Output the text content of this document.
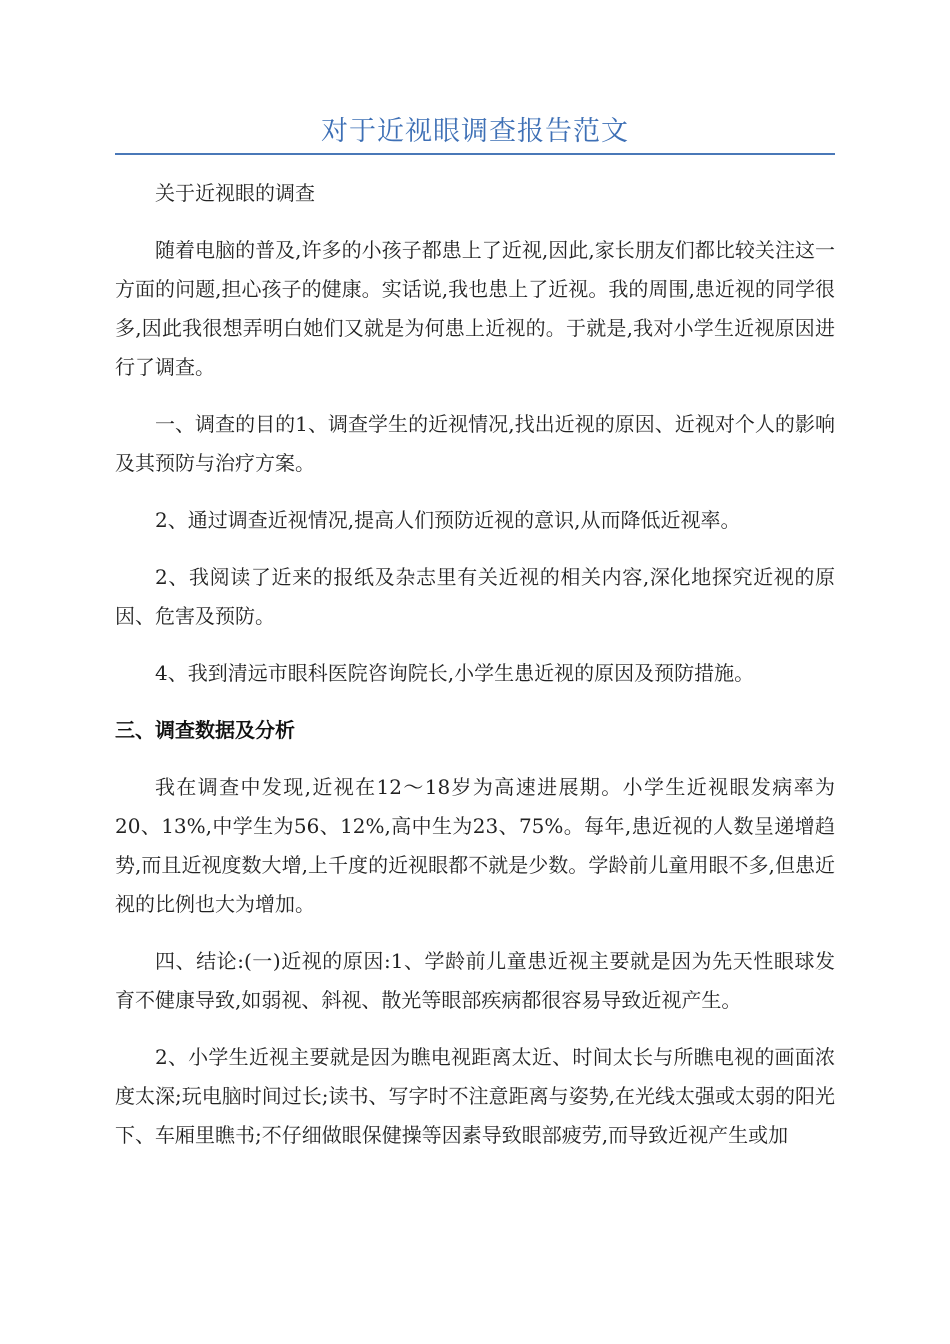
对于近视眼调查报告范文

关于近视眼的调查

随着电脑的普及,许多的小孩子都患上了近视,因此,家长朋友们都比较关注这一方面的问题,担心孩子的健康。实话说,我也患上了近视。我的周围,患近视的同学很多,因此我很想弄明白她们又就是为何患上近视的。于就是,我对小学生近视原因进行了调查。

一、调查的目的1、调查学生的近视情况,找出近视的原因、近视对个人的影响及其预防与治疗方案。

2、通过调查近视情况,提高人们预防近视的意识,从而降低近视率。

2、我阅读了近来的报纸及杂志里有关近视的相关内容,深化地探究近视的原因、危害及预防。

4、我到清远市眼科医院咨询院长,小学生患近视的原因及预防措施。

三、调查数据及分析

我在调查中发现,近视在12～18岁为高速进展期。小学生近视眼发病率为20、13%,中学生为56、12%,高中生为23、75%。每年,患近视的人数呈递增趋势,而且近视度数大增,上千度的近视眼都不就是少数。学龄前儿童用眼不多,但患近视的比例也大为增加。

四、结论:(一)近视的原因:1、学龄前儿童患近视主要就是因为先天性眼球发育不健康导致,如弱视、斜视、散光等眼部疾病都很容易导致近视产生。

2、小学生近视主要就是因为瞧电视距离太近、时间太长与所瞧电视的画面浓度太深;玩电脑时间过长;读书、写字时不注意距离与姿势,在光线太强或太弱的阳光下、车厢里瞧书;不仔细做眼保健操等因素导致眼部疲劳,而导致近视产生或加
